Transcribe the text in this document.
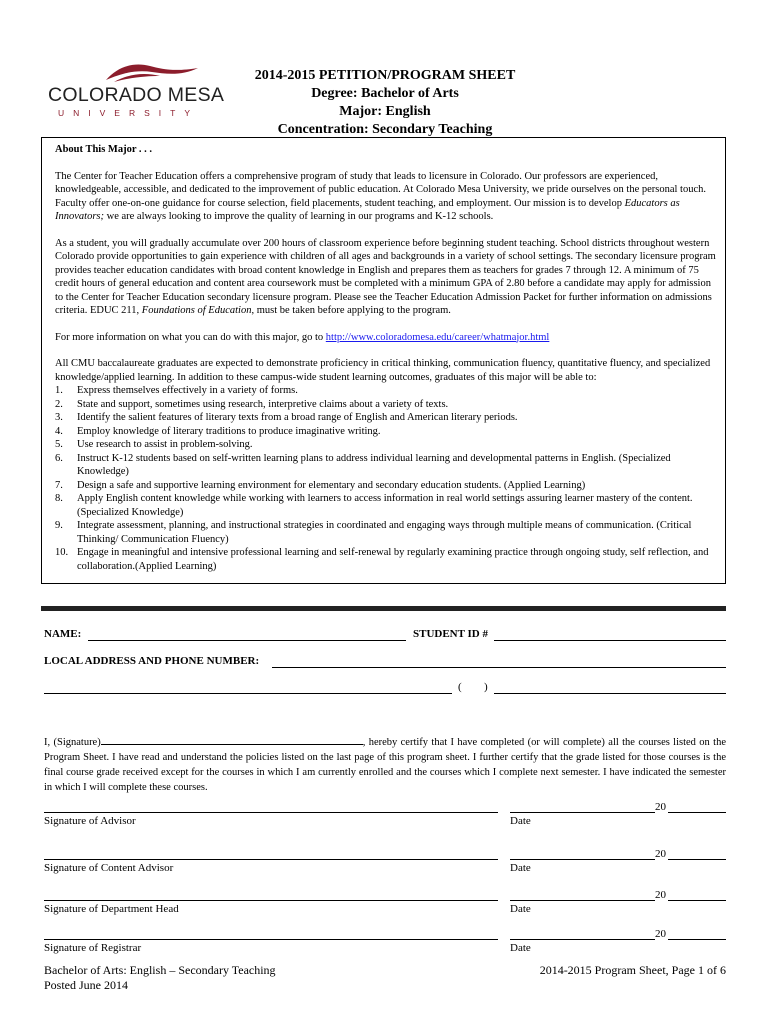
COLORADO MESA
UNIVERSITY
2014-2015 PETITION/PROGRAM SHEET
Degree: Bachelor of Arts
Major: English
Concentration: Secondary Teaching

About This Major . . .

The Center for Teacher Education offers a comprehensive program of study that leads to licensure in Colorado. Our professors are experienced, knowledgeable, accessible, and dedicated to the improvement of public education. At Colorado Mesa University, we pride ourselves on the personal touch. Faculty offer one-on-one guidance for course selection, field placements, student teaching, and employment. Our mission is to develop Educators as Innovators; we are always looking to improve the quality of learning in our programs and K-12 schools.

As a student, you will gradually accumulate over 200 hours of classroom experience before beginning student teaching. School districts throughout western Colorado provide opportunities to gain experience with children of all ages and backgrounds in a variety of school settings. The secondary licensure program provides teacher education candidates with broad content knowledge in English and prepares them as teachers for grades 7 through 12. A minimum of 75 credit hours of general education and content area coursework must be completed with a minimum GPA of 2.80 before a candidate may apply for admission to the Center for Teacher Education secondary licensure program. Please see the Teacher Education Admission Packet for further information on admissions criteria. EDUC 211, Foundations of Education, must be taken before applying to the program.

For more information on what you can do with this major, go to http://www.coloradomesa.edu/career/whatmajor.html

All CMU baccalaureate graduates are expected to demonstrate proficiency in critical thinking, communication fluency, quantitative fluency, and specialized knowledge/applied learning. In addition to these campus-wide student learning outcomes, graduates of this major will be able to:

1. Express themselves effectively in a variety of forms.
2. State and support, sometimes using research, interpretive claims about a variety of texts.
3. Identify the salient features of literary texts from a broad range of English and American literary periods.
4. Employ knowledge of literary traditions to produce imaginative writing.
5. Use research to assist in problem-solving.
6. Instruct K-12 students based on self-written learning plans to address individual learning and developmental patterns in English. (Specialized Knowledge)
7. Design a safe and supportive learning environment for elementary and secondary education students. (Applied Learning)
8. Apply English content knowledge while working with learners to access information in real world settings assuring learner mastery of the content. (Specialized Knowledge)
9. Integrate assessment, planning, and instructional strategies in coordinated and engaging ways through multiple means of communication. (Critical Thinking/ Communication Fluency)
10. Engage in meaningful and intensive professional learning and self-renewal by regularly examining practice through ongoing study, self reflection, and collaboration.(Applied Learning)
NAME:	STUDENT ID #
LOCAL ADDRESS AND PHONE NUMBER:
( )
I, (Signature)	, hereby certify that I have completed (or will complete) all the courses listed on the Program Sheet. I have read and understand the policies listed on the last page of this program sheet. I further certify that the grade listed for those courses is the final course grade received except for the courses in which I am currently enrolled and the courses which I complete next semester. I have indicated the semester in which I will complete these courses.
Signature of Advisor
20
Date
Signature of Content Advisor
20
Date
Signature of Department Head
20
Date
Signature of Registrar
20
Date
Bachelor of Arts: English – Secondary Teaching
Posted June 2014
2014-2015 Program Sheet, Page 1 of 6
